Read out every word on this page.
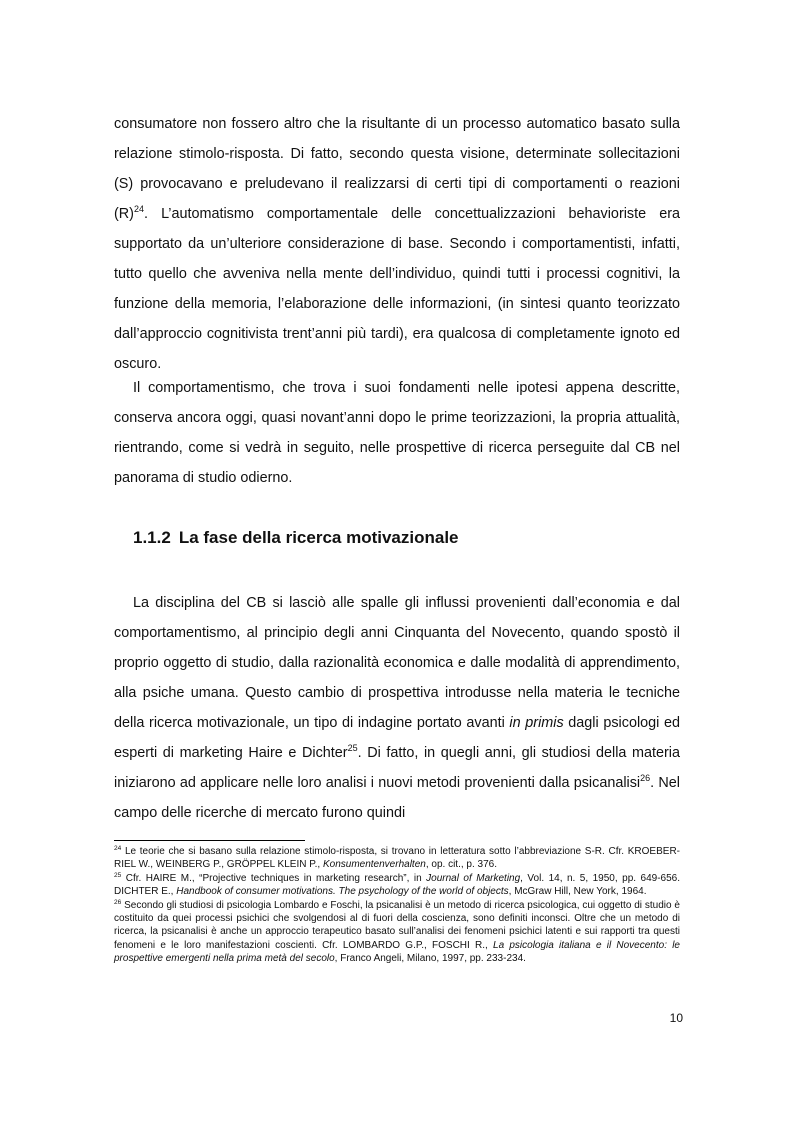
consumatore non fossero altro che la risultante di un processo automatico basato sulla relazione stimolo-risposta. Di fatto, secondo questa visione, determinate sollecitazioni (S) provocavano e preludevano il realizzarsi di certi tipi di comportamenti o reazioni $(R)^{24}$. L’automatismo comportamentale delle concettualizzazioni behavioriste era supportato da un’ulteriore considerazione di base. Secondo i comportamentisti, infatti, tutto quello che avveniva nella mente dell’individuo, quindi tutti i processi cognitivi, la funzione della memoria, l’elaborazione delle informazioni, (in sintesi quanto teorizzato dall’approccio cognitivista trent’anni più tardi), era qualcosa di completamente ignoto ed oscuro.

Il comportamentismo, che trova i suoi fondamenti nelle ipotesi appena descritte, conserva ancora oggi, quasi novant’anni dopo le prime teorizzazioni, la propria attualità, rientrando, come si vedrà in seguito, nelle prospettive di ricerca perseguite dal CB nel panorama di studio odierno.

1.1.2 La fase della ricerca motivazionale

La disciplina del CB si lasciò alle spalle gli influssi provenienti dall’economia e dal comportamentismo, al principio degli anni Cinquanta del Novecento, quando spostò il proprio oggetto di studio, dalla razionalità economica e dalle modalità di apprendimento, alla psiche umana. Questo cambio di prospettiva introdusse nella materia le tecniche della ricerca motivazionale, un tipo di indagine portato avanti in primis dagli psicologi ed esperti di marketing Haire e Dichter$^{25}$. Di fatto, in quegli anni, gli studiosi della materia iniziarono ad applicare nelle loro analisi i nuovi metodi provenienti dalla psicanalisi$^{26}$. Nel campo delle ricerche di mercato furono quindi

$^{24}$ Le teorie che si basano sulla relazione stimolo-risposta, si trovano in letteratura sotto l’abbreviazione S-R. Cfr. KROEBER-RIEL W., WEINBERG P., GRÖPPEL KLEIN P., Konsumentenverhalten, op. cit., p. 376.

$^{25}$ Cfr. HAIRE M., “Projective techniques in marketing research”, in Journal of Marketing, Vol. 14, n. 5, 1950, pp. 649-656. DICHTER E., Handbook of consumer motivations. The psychology of the world of objects, McGraw Hill, New York, 1964.

$^{26}$ Secondo gli studiosi di psicologia Lombardo e Foschi, la psicanalisi è un metodo di ricerca psicologica, cui oggetto di studio è costituito da quei processi psichici che svolgendosi al di fuori della coscienza, sono definiti inconsci. Oltre che un metodo di ricerca, la psicanalisi è anche un approccio terapeutico basato sull’analisi dei fenomeni psichici latenti e sui rapporti tra questi fenomeni e le loro manifestazioni coscienti. Cfr. LOMBARDO G.P., FOSCHI R., La psicologia italiana e il Novecento: le prospettive emergenti nella prima metà del secolo, Franco Angeli, Milano, 1997, pp. 233-234.

10
